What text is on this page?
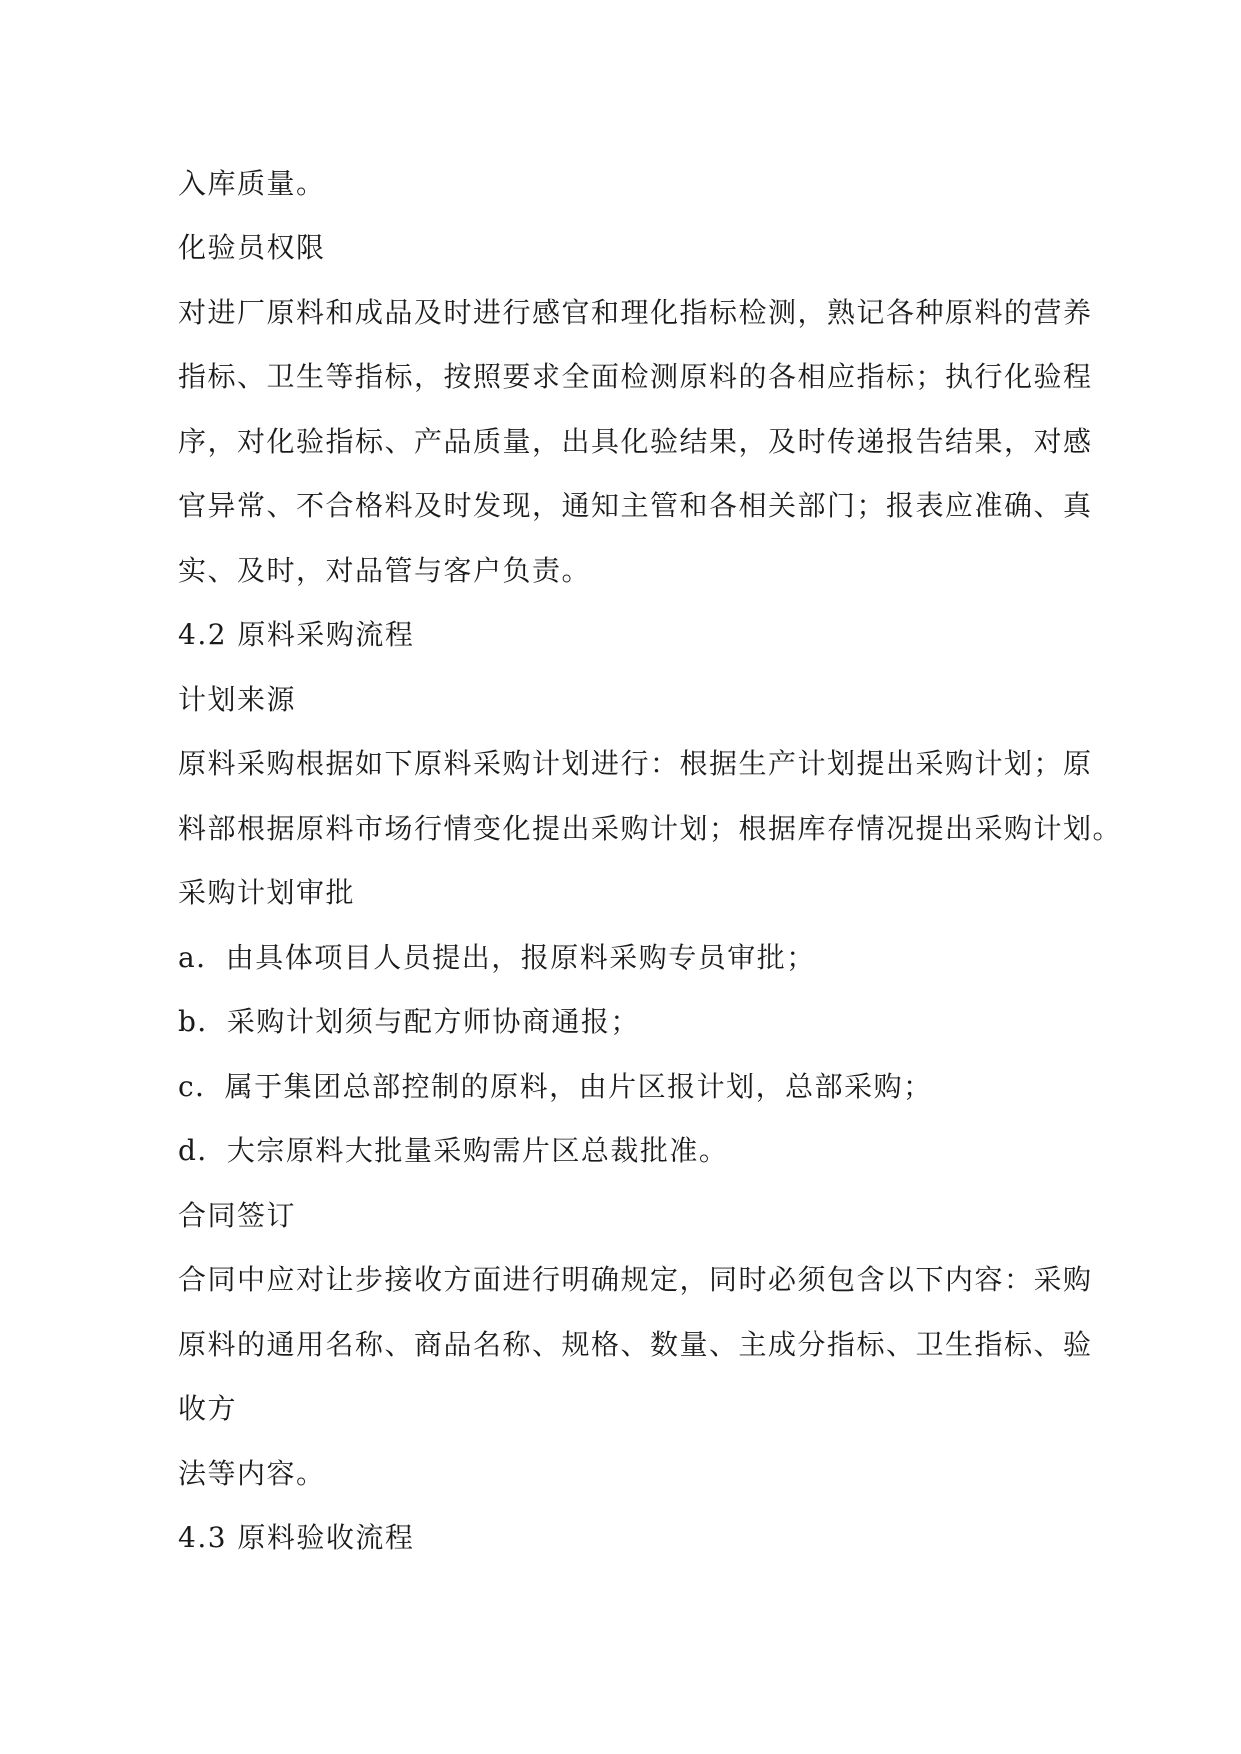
入库质量。

化验员权限

对进厂原料和成品及时进行感官和理化指标检测，熟记各种原料的营养

指标、卫生等指标，按照要求全面检测原料的各相应指标；执行化验程

序，对化验指标、产品质量，出具化验结果，及时传递报告结果，对感

官异常、不合格料及时发现，通知主管和各相关部门；报表应准确、真

实、及时，对品管与客户负责。

4.2 原料采购流程

计划来源

原料采购根据如下原料采购计划进行：根据生产计划提出采购计划；原

料部根据原料市场行情变化提出采购计划；根据库存情况提出采购计划。

采购计划审批

a．由具体项目人员提出，报原料采购专员审批；

b．采购计划须与配方师协商通报；

c．属于集团总部控制的原料，由片区报计划，总部采购；

d．大宗原料大批量采购需片区总裁批准。

合同签订

合同中应对让步接收方面进行明确规定，同时必须包含以下内容：采购

原料的通用名称、商品名称、规格、数量、主成分指标、卫生指标、验

收方

法等内容。

4.3 原料验收流程
